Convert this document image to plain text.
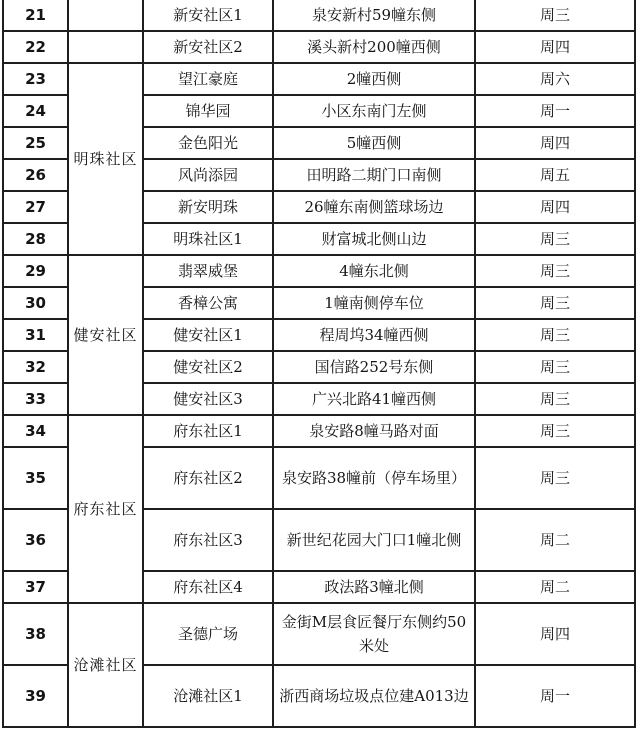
21		新安社区1	泉安新村59幢东侧	周三
22		新安社区2	溪头新村200幢西侧	周四
23	明珠社区	望江豪庭	2幢西侧	周六
24		锦华园	小区东南门左侧	周一
25		金色阳光	5幢西侧	周四
26		风尚添园	田明路二期门口南侧	周五
27		新安明珠	26幢东南侧篮球场边	周四
28		明珠社区1	财富城北侧山边	周三
29	健安社区	翡翠威堡	4幢东北侧	周三
30		香樟公寓	1幢南侧停车位	周三
31		健安社区1	程周坞34幢西侧	周三
32		健安社区2	国信路252号东侧	周三
33		健安社区3	广兴北路41幢西侧	周三
34	府东社区	府东社区1	泉安路8幢马路对面	周三
35		府东社区2	泉安路38幢前（停车场里）	周三
36		府东社区3	新世纪花园大门口1幢北侧	周二
37		府东社区4	政法路3幢北侧	周二
38	沧滩社区	圣德广场	金街M层食匠餐厅东侧约50米处	周四
39		沧滩社区1	浙西商场垃圾点位建A013边	周一
